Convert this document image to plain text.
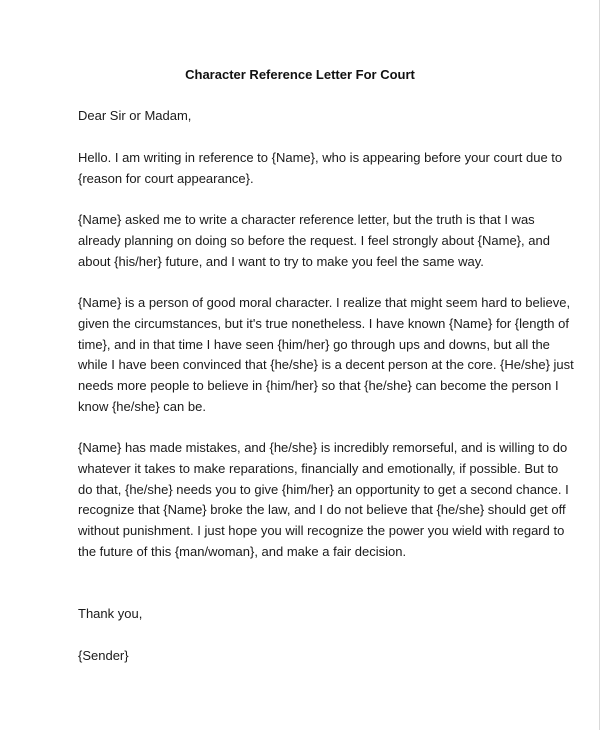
Character Reference Letter For Court

Dear Sir or Madam,

Hello. I am writing in reference to {Name}, who is appearing before your court due to
{reason for court appearance}.

{Name} asked me to write a character reference letter, but the truth is that I was
already planning on doing so before the request. I feel strongly about {Name}, and
about {his/her} future, and I want to try to make you feel the same way.

{Name} is a person of good moral character. I realize that might seem hard to believe,
given the circumstances, but it's true nonetheless. I have known {Name} for {length of
time}, and in that time I have seen {him/her} go through ups and downs, but all the
while I have been convinced that {he/she} is a decent person at the core. {He/she} just
needs more people to believe in {him/her} so that {he/she} can become the person I
know {he/she} can be.

{Name} has made mistakes, and {he/she} is incredibly remorseful, and is willing to do
whatever it takes to make reparations, financially and emotionally, if possible. But to
do that, {he/she} needs you to give {him/her} an opportunity to get a second chance. I
recognize that {Name} broke the law, and I do not believe that {he/she} should get off
without punishment. I just hope you will recognize the power you wield with regard to
the future of this {man/woman}, and make a fair decision.

Thank you,

{Sender}
